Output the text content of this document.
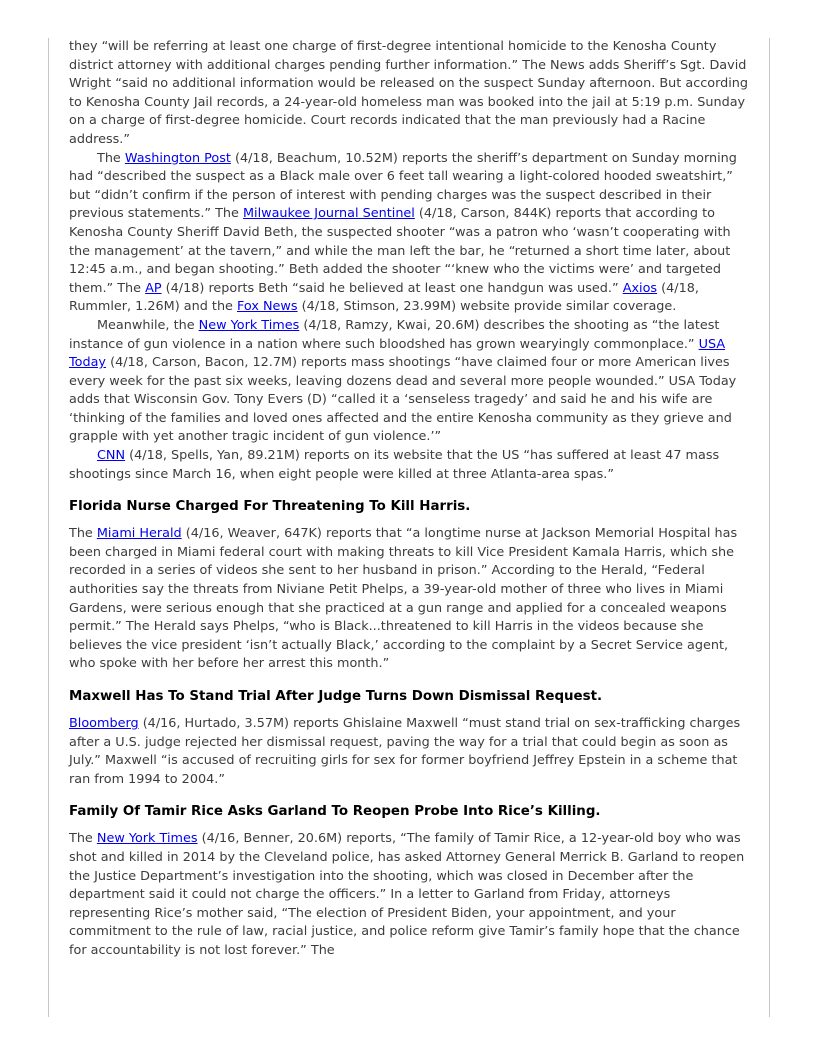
they “will be referring at least one charge of first-degree intentional homicide to the Kenosha County district attorney with additional charges pending further information.” The News adds Sheriff’s Sgt. David Wright “said no additional information would be released on the suspect Sunday afternoon. But according to Kenosha County Jail records, a 24-year-old homeless man was booked into the jail at 5:19 p.m. Sunday on a charge of first-degree homicide. Court records indicated that the man previously had a Racine address.”

The Washington Post (4/18, Beachum, 10.52M) reports the sheriff’s department on Sunday morning had “described the suspect as a Black male over 6 feet tall wearing a light-colored hooded sweatshirt,” but “didn’t confirm if the person of interest with pending charges was the suspect described in their previous statements.” The Milwaukee Journal Sentinel (4/18, Carson, 844K) reports that according to Kenosha County Sheriff David Beth, the suspected shooter “was a patron who ‘wasn’t cooperating with the management’ at the tavern,” and while the man left the bar, he “returned a short time later, about 12:45 a.m., and began shooting.” Beth added the shooter “‘knew who the victims were’ and targeted them.” The AP (4/18) reports Beth “said he believed at least one handgun was used.” Axios (4/18, Rummler, 1.26M) and the Fox News (4/18, Stimson, 23.99M) website provide similar coverage.

Meanwhile, the New York Times (4/18, Ramzy, Kwai, 20.6M) describes the shooting as “the latest instance of gun violence in a nation where such bloodshed has grown wearyingly commonplace.” USA Today (4/18, Carson, Bacon, 12.7M) reports mass shootings “have claimed four or more American lives every week for the past six weeks, leaving dozens dead and several more people wounded.” USA Today adds that Wisconsin Gov. Tony Evers (D) “called it a ‘senseless tragedy’ and said he and his wife are ‘thinking of the families and loved ones affected and the entire Kenosha community as they grieve and grapple with yet another tragic incident of gun violence.’”

CNN (4/18, Spells, Yan, 89.21M) reports on its website that the US “has suffered at least 47 mass shootings since March 16, when eight people were killed at three Atlanta-area spas.”

Florida Nurse Charged For Threatening To Kill Harris.

The Miami Herald (4/16, Weaver, 647K) reports that “a longtime nurse at Jackson Memorial Hospital has been charged in Miami federal court with making threats to kill Vice President Kamala Harris, which she recorded in a series of videos she sent to her husband in prison.” According to the Herald, “Federal authorities say the threats from Niviane Petit Phelps, a 39-year-old mother of three who lives in Miami Gardens, were serious enough that she practiced at a gun range and applied for a concealed weapons permit.” The Herald says Phelps, “who is Black...threatened to kill Harris in the videos because she believes the vice president ‘isn’t actually Black,’ according to the complaint by a Secret Service agent, who spoke with her before her arrest this month.”

Maxwell Has To Stand Trial After Judge Turns Down Dismissal Request.

Bloomberg (4/16, Hurtado, 3.57M) reports Ghislaine Maxwell “must stand trial on sex-trafficking charges after a U.S. judge rejected her dismissal request, paving the way for a trial that could begin as soon as July.” Maxwell “is accused of recruiting girls for sex for former boyfriend Jeffrey Epstein in a scheme that ran from 1994 to 2004.”

Family Of Tamir Rice Asks Garland To Reopen Probe Into Rice’s Killing.

The New York Times (4/16, Benner, 20.6M) reports, “The family of Tamir Rice, a 12-year-old boy who was shot and killed in 2014 by the Cleveland police, has asked Attorney General Merrick B. Garland to reopen the Justice Department’s investigation into the shooting, which was closed in December after the department said it could not charge the officers.” In a letter to Garland from Friday, attorneys representing Rice’s mother said, “The election of President Biden, your appointment, and your commitment to the rule of law, racial justice, and police reform give Tamir’s family hope that the chance for accountability is not lost forever.” The
